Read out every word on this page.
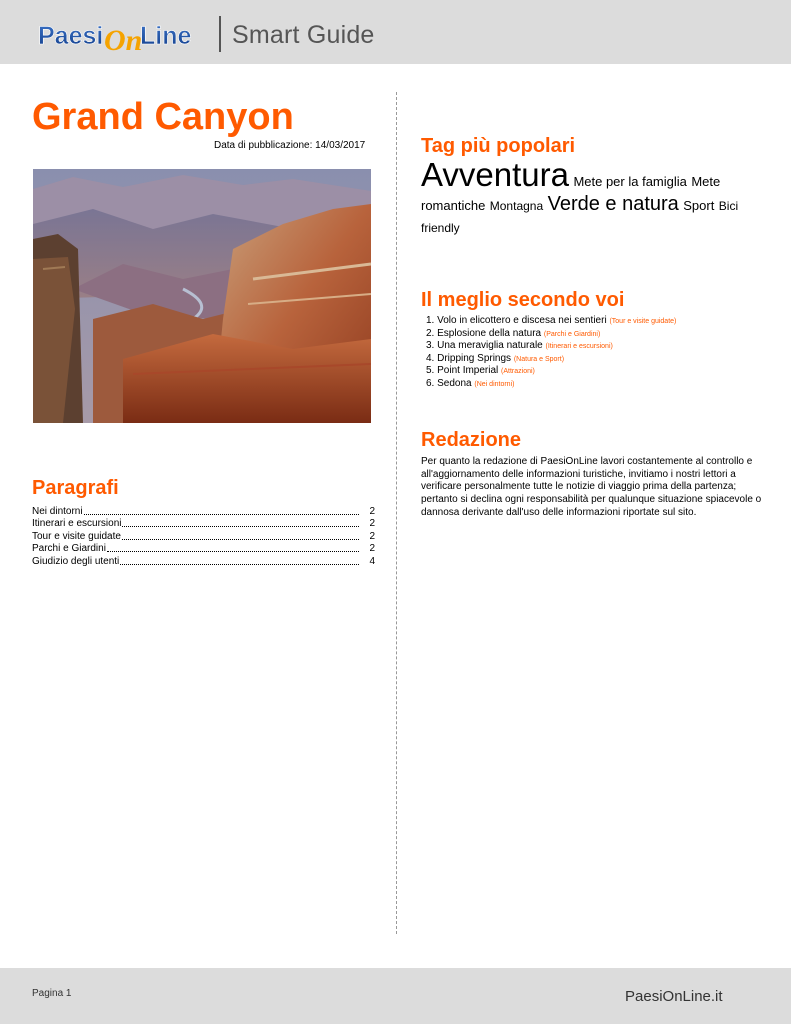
Paesi On
Line Smart Guide
Grand Canyon
Data di pubblicazione: 14/03/2017
Paragrafi
Nei dintorni	2
Itinerari e escursioni	2
Tour e visite guidate	2
Parchi e Giardini	2
Giudizio degli utenti	4
Tag più popolari
Avventura Mete per la famiglia Mete romantiche Montagna Verde e natura Sport Bici friendly
Il meglio secondo voi
1. Volo in elicottero e discesa nei sentieri (Tour e visite guidate)
2. Esplosione della natura (Parchi e Giardini)
3. Una meraviglia naturale (Itinerari e escursioni)
4. Dripping Springs (Natura e Sport)
5. Point Imperial (Attrazioni)
6. Sedona (Nei dintorni)
Redazione

Per quanto la redazione di PaesiOnLine lavori costantemente al controllo e all'aggiornamento delle informazioni turistiche, invitiamo i nostri lettori a verificare personalmente tutte le notizie di viaggio prima della partenza; pertanto si declina ogni responsabilità per qualunque situazione spiacevole o dannosa derivante dall'uso delle informazioni riportate sul sito.

Pagina 1	PaesiOnLine.it
